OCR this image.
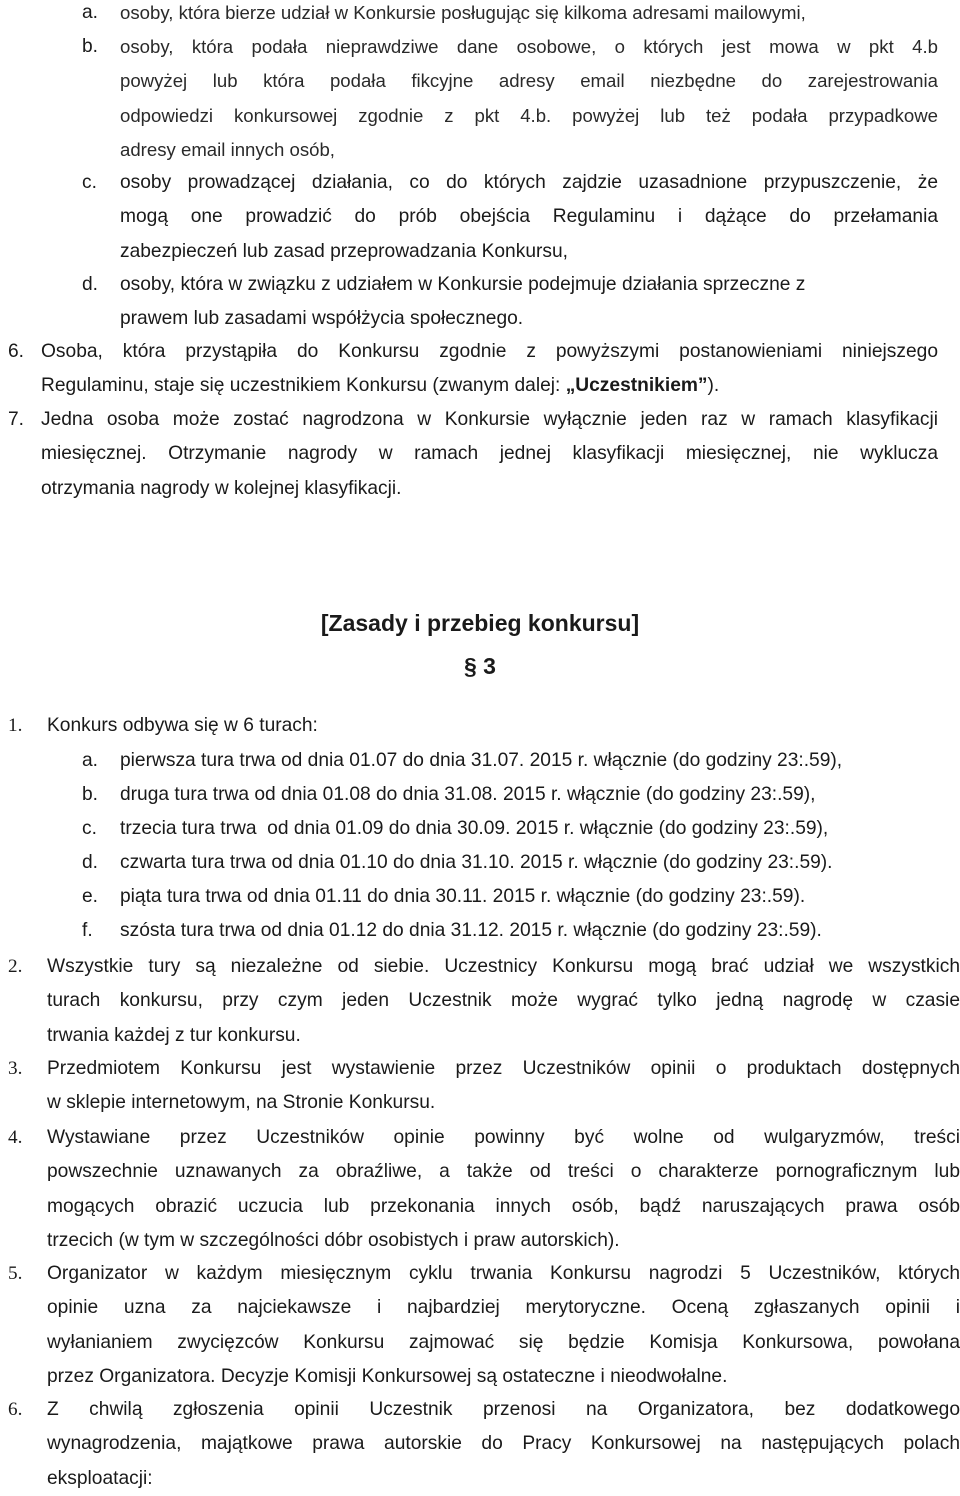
a. osoby, która bierze udział w Konkursie posługując się kilkoma adresami mailowymi,
b. osoby, która podała nieprawdziwe dane osobowe, o których jest mowa w pkt 4.b
powyżej lub która podała fikcyjne adresy email niezbędne do zarejestrowania
odpowiedzi konkursowej zgodnie z pkt 4.b. powyżej lub też podała przypadkowe
adresy email innych osób,
c. osoby prowadzącej działania, co do których zajdzie uzasadnione przypuszczenie, że
mogą one prowadzić do prób obejścia Regulaminu i dążące do przełamania
zabezpieczeń lub zasad przeprowadzania Konkursu,
d. osoby, która w związku z udziałem w Konkursie podejmuje działania sprzeczne z
prawem lub zasadami współżycia społecznego.
6. Osoba, która przystąpiła do Konkursu zgodnie z powyższymi postanowieniami niniejszego
Regulaminu, staje się uczestnikiem Konkursu (zwanym dalej: „Uczestnikiem”).
7. Jedna osoba może zostać nagrodzona w Konkursie wyłącznie jeden raz w ramach klasyfikacji
miesięcznej. Otrzymanie nagrody w ramach jednej klasyfikacji miesięcznej, nie wyklucza
otrzymania nagrody w kolejnej klasyfikacji.
[Zasady i przebieg konkursu]
§ 3
1. Konkurs odbywa się w 6 turach:
a. pierwsza tura trwa od dnia 01.07 do dnia 31.07. 2015 r. włącznie (do godziny 23:.59),
b. druga tura trwa od dnia 01.08 do dnia 31.08. 2015 r. włącznie (do godziny 23:.59),
c. trzecia tura trwa  od dnia 01.09 do dnia 30.09. 2015 r. włącznie (do godziny 23:.59),
d. czwarta tura trwa od dnia 01.10 do dnia 31.10. 2015 r. włącznie (do godziny 23:.59).
e. piąta tura trwa od dnia 01.11 do dnia 30.11. 2015 r. włącznie (do godziny 23:.59).
f. szósta tura trwa od dnia 01.12 do dnia 31.12. 2015 r. włącznie (do godziny 23:.59).
2. Wszystkie tury są niezależne od siebie. Uczestnicy Konkursu mogą brać udział we wszystkich
turach konkursu, przy czym jeden Uczestnik może wygrać tylko jedną nagrodę w czasie
trwania każdej z tur konkursu.
3. Przedmiotem Konkursu jest wystawienie przez Uczestników opinii o produktach dostępnych
w sklepie internetowym, na Stronie Konkursu.
4. Wystawiane przez Uczestników opinie powinny być wolne od wulgaryzmów, treści
powszechnie uznawanych za obraźliwe, a także od treści o charakterze pornograficznym lub
mogących obrazić uczucia lub przekonania innych osób, bądź naruszających prawa osób
trzecich (w tym w szczególności dóbr osobistych i praw autorskich).
5. Organizator w każdym miesięcznym cyklu trwania Konkursu nagrodzi 5 Uczestników, których
opinie uzna za najciekawsze i najbardziej merytoryczne. Oceną zgłaszanych opinii i
wyłanianiem zwycięzców Konkursu zajmować się będzie Komisja Konkursowa, powołana
przez Organizatora. Decyzje Komisji Konkursowej są ostateczne i nieodwołalne.
6. Z chwilą zgłoszenia opinii Uczestnik przenosi na Organizatora, bez dodatkowego
wynagrodzenia, majątkowe prawa autorskie do Pracy Konkursowej na następujących polach
eksploatacji:
